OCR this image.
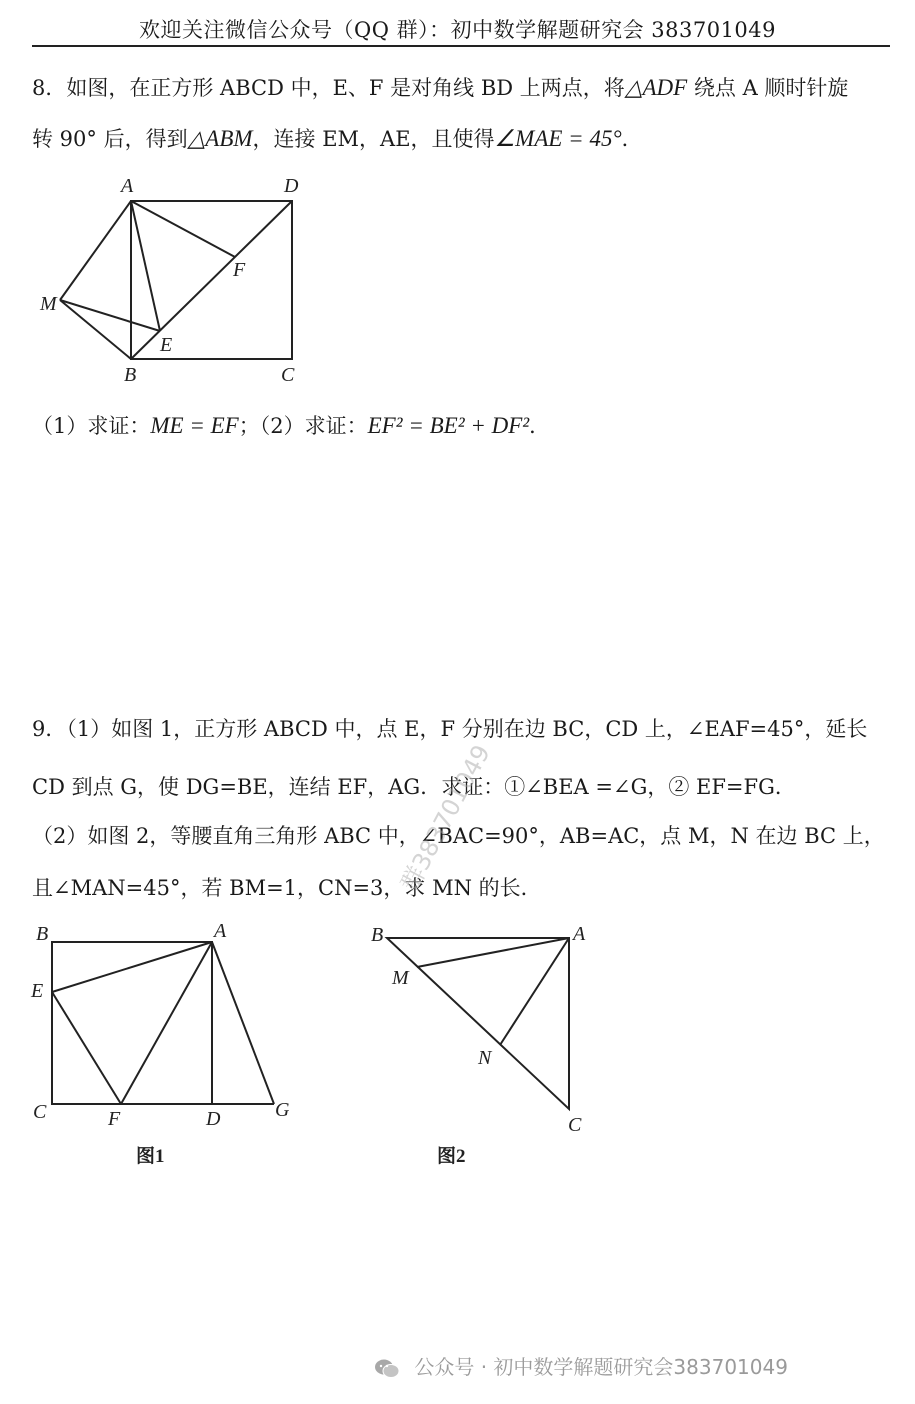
欢迎关注微信公众号（QQ 群）：初中数学解题研究会 383701049
8．如图，在正方形 ABCD 中，E、F 是对角线 BD 上两点，将△ADF 绕点 A 顺时针旋
转 90° 后，得到△ABM，连接 EM，AE，且使得∠MAE = 45°．
A	D
F
M
E
B	C
（1）求证：ME = EF；（2）求证：EF² = BE² + DF²．
9．（1）如图 1，正方形 ABCD 中，点 E，F 分别在边 BC，CD 上，∠EAF=45°，延长
CD 到点 G，使 DG=BE，连结 EF，AG．求证：①∠BEA =∠G，② EF=FG．
（2）如图 2，等腰直角三角形 ABC 中，∠BAC=90°，AB=AC，点 M，N 在边 BC 上，
且∠MAN=45°，若 BM=1，CN=3，求 MN 的长．
群383701049
B	A
E
C	F	D	G
图1
B	A
M
N
C
图2
公众号 · 初中数学解题研究会383701049
